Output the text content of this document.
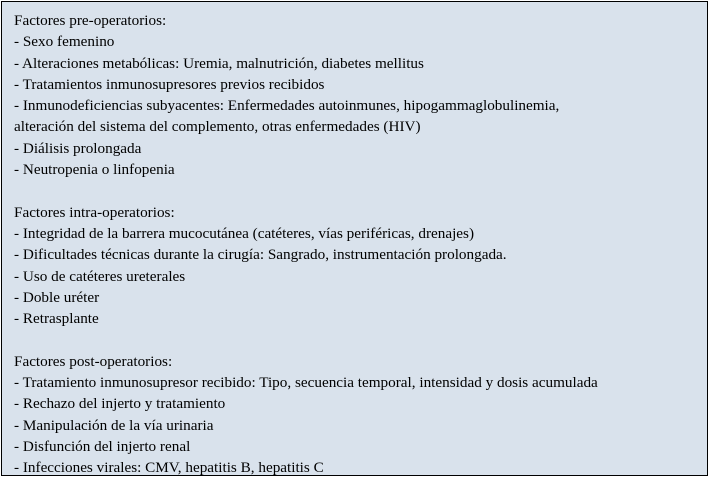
Factores pre-operatorios:
- Sexo femenino
- Alteraciones metabólicas: Uremia, malnutrición, diabetes mellitus
- Tratamientos inmunosupresores previos recibidos
- Inmunodeficiencias subyacentes: Enfermedades autoinmunes, hipogammaglobulinemia,
alteración del sistema del complemento, otras enfermedades (HIV)
- Diálisis prolongada
- Neutropenia o linfopenia
Factores intra-operatorios:
- Integridad de la barrera mucocutánea (catéteres, vías periféricas, drenajes)
- Dificultades técnicas durante la cirugía: Sangrado, instrumentación prolongada.
- Uso de catéteres ureterales
- Doble uréter
- Retrasplante
Factores post-operatorios:
- Tratamiento inmunosupresor recibido: Tipo, secuencia temporal, intensidad y dosis acumulada
- Rechazo del injerto y tratamiento
- Manipulación de la vía urinaria
- Disfunción del injerto renal
- Infecciones virales: CMV, hepatitis B, hepatitis C
